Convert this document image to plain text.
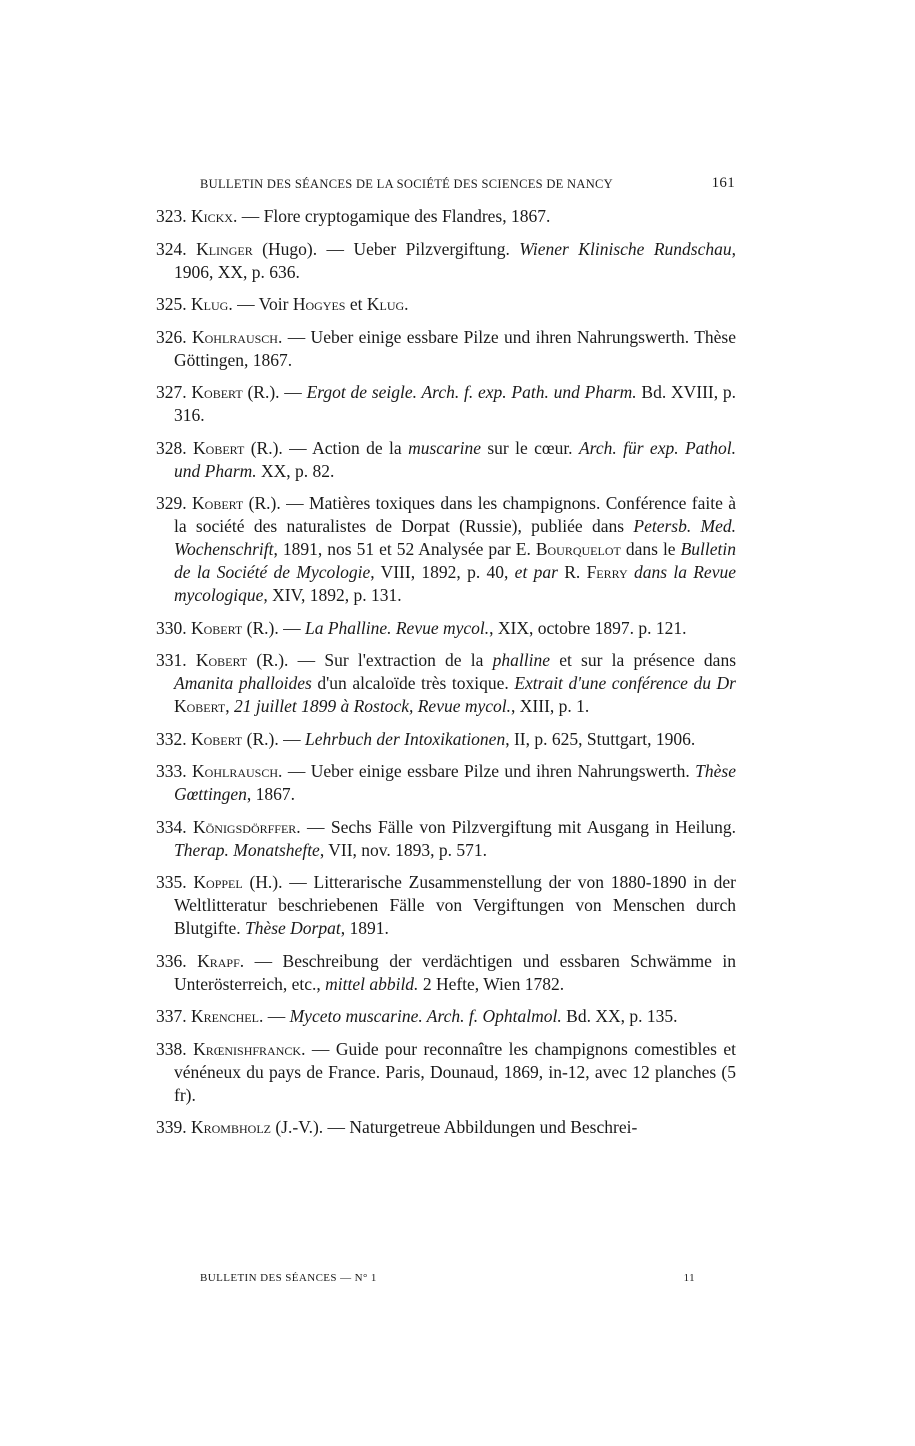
BULLETIN DES SÉANCES DE LA SOCIÉTÉ DES SCIENCES DE NANCY	161
323. Kickx. — Flore cryptogamique des Flandres, 1867.
324. Klinger (Hugo). — Ueber Pilzvergiftung. Wiener Klinische Rundschau, 1906, XX, p. 636.
325. Klug. — Voir Hogyes et Klug.
326. Kohlrausch. — Ueber einige essbare Pilze und ihren Nahrungswerth. Thèse Göttingen, 1867.
327. Kobert (R.). — Ergot de seigle. Arch. f. exp. Path. und Pharm. Bd. XVIII, p. 316.
328. Kobert (R.). — Action de la muscarine sur le cœur. Arch. für exp. Pathol. und Pharm. XX, p. 82.
329. Kobert (R.). — Matières toxiques dans les champignons. Conférence faite à la société des naturalistes de Dorpat (Russie), publiée dans Petersb. Med. Wochenschrift, 1891, nos 51 et 52 Analysée par E. Bourquelot dans le Bulletin de la Société de Mycologie, VIII, 1892, p. 40, et par R. Ferry dans la Revue mycologique, XIV, 1892, p. 131.
330. Kobert (R.). — La Phalline. Revue mycol., XIX, octobre 1897. p. 121.
331. Kobert (R.). — Sur l'extraction de la phalline et sur la présence dans Amanita phalloides d'un alcaloïde très toxique. Extrait d'une conférence du Dr Kobert, 21 juillet 1899 à Rostock, Revue mycol., XIII, p. 1.
332. Kobert (R.). — Lehrbuch der Intoxikationen, II, p. 625, Stuttgart, 1906.
333. Kohlrausch. — Ueber einige essbare Pilze und ihren Nahrungswerth. Thèse Gœttingen, 1867.
334. Königsdörffer. — Sechs Fälle von Pilzvergiftung mit Ausgang in Heilung. Therap. Monatshefte, VII, nov. 1893, p. 571.
335. Koppel (H.). — Litterarische Zusammenstellung der von 1880-1890 in der Weltlitteratur beschriebenen Fälle von Vergiftungen von Menschen durch Blutgifte. Thèse Dorpat, 1891.
336. Krapf. — Beschreibung der verdächtigen und essbaren Schwämme in Unterösterreich, etc., mittel abbild. 2 Hefte, Wien 1782.
337. Krenchel. — Myceto muscarine. Arch. f. Ophtalmol. Bd. XX, p. 135.
338. Krœnishfranck. — Guide pour reconnaître les champignons comestibles et vénéneux du pays de France. Paris, Dounaud, 1869, in-12, avec 12 planches (5 fr).
339. Krombholz (J.-V.). — Naturgetreue Abbildungen und Beschrei-
BULLETIN DES SÉANCES — N° 1	11
